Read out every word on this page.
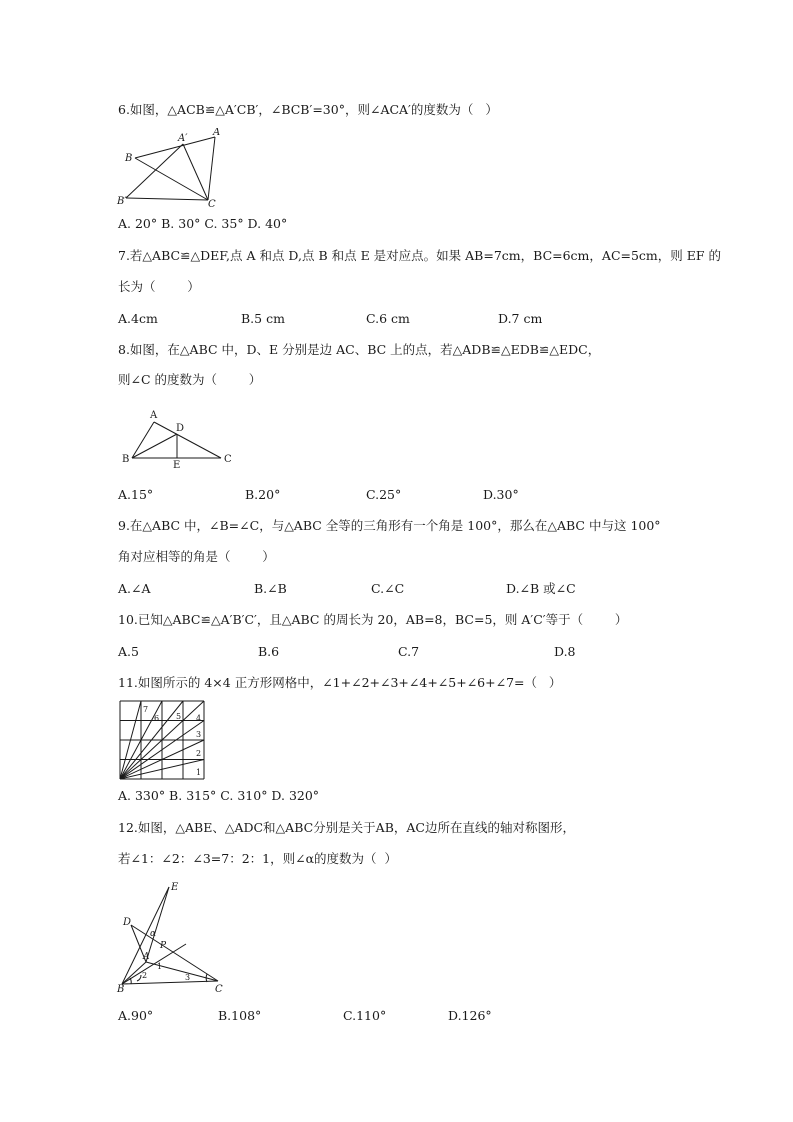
6.如图，△ACB≌△A′CB′，∠BCB′=30°，则∠ACA′的度数为（   ）
A′
A
B
B′	C
A. 20° B. 30° C. 35° D. 40°
7.若△ABC≌△DEF,点 A 和点 D,点 B 和点 E 是对应点。如果 AB=7cm，BC=6cm，AC=5cm，则 EF 的
长为（        ）
A.4cm	B.5 cm	C.6 cm	D.7 cm
8.如图，在△ABC 中，D、E 分别是边 AC、BC 上的点，若△ADB≌△EDB≌△EDC，
则∠C 的度数为（        ）
A
D
B
E
C
A.15°	B.20°	C.25°	D.30°
9.在△ABC 中，∠B=∠C，与△ABC 全等的三角形有一个角是 100°，那么在△ABC 中与这 100°
角对应相等的角是（        ）
A.∠A	B.∠B	C.∠C	D.∠B 或∠C
10.已知△ABC≌△A′B′C′，且△ABC 的周长为 20，AB=8，BC=5，则 A′C′等于（        ）
A.5	B.6	C.7	D.8
11.如图所示的 4×4 正方形网格中，∠1+∠2+∠3+∠4+∠5+∠6+∠7=（   ）
7
6 5 4
3
2
1
A. 330° B. 315° C. 310° D. 320°
12.如图，△ABE、△ADC和△ABC分别是关于AB，AC边所在直线的轴对称图形，
若∠1：∠2：∠3=7：2：1，则∠α的度数为（  ）
E
D
α
P
A
1
2	3
B	C
A.90°	B.108°	C.110°	D.126°
